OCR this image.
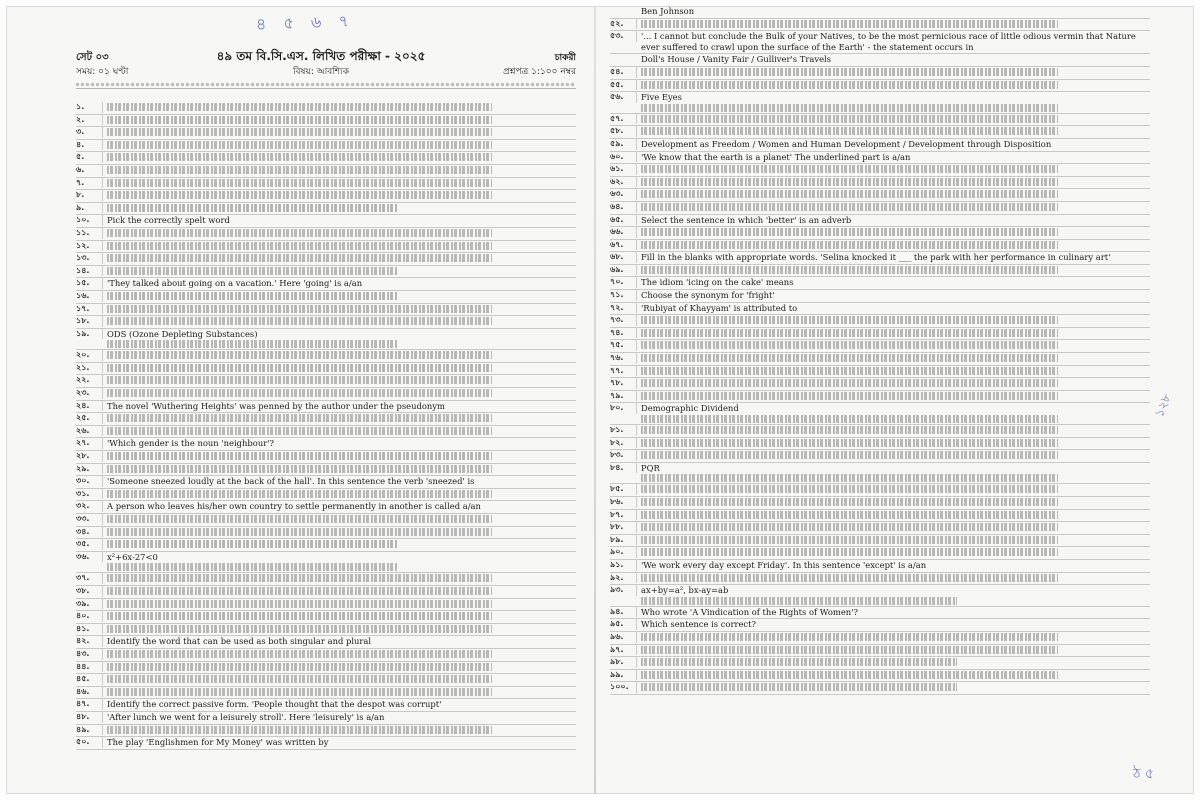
৪ ৫ ৬ ৭
সেট ০৩
সময়: ০১ ঘণ্টা
৪৯ তম বি.সি.এস. লিখিত পরীক্ষা - ২০২৫
বিষয়: আবশ্যিক
চাকরী
প্রশ্নপত্র ১:১০০ নম্বর
১.
২.
৩.
৪.
৫.
৬.
৭.
৮.
৯.
১০.	Pick the correctly spelt word
১১.
১২.
১৩.
১৪.
১৫.	'They talked about going on a vacation.' Here 'going' is a/an
১৬.
১৭.
১৮.
১৯.	ODS (Ozone Depleting Substances)
২০.
২১.
২২.
২৩.
২৪.	The novel 'Wuthering Heights' was penned by the author under the pseudonym
২৫.
২৬.
২৭.	'Which gender is the noun 'neighbour'?
২৮.
২৯.
৩০.	'Someone sneezed loudly at the back of the hall'. In this sentence the verb 'sneezed' is
৩১.
৩২.	A person who leaves his/her own country to settle permanently in another is called a/an
৩৩.
৩৪.
৩৫.
৩৬.	x²+6x-27<0
৩৭.
৩৮.
৩৯.
৪০.
৪১.
৪২.	Identify the word that can be used as both singular and plural
৪৩.
৪৪.
৪৫.
৪৬.
৪৭.	Identify the correct passive form. 'People thought that the despot was corrupt'
৪৮.	'After lunch we went for a leisurely stroll'. Here 'leisurely' is a/an
৪৯.
৫০.	The play 'Englishmen for My Money' was written by
Ben Johnson
৫২.
৫৩.	'... I cannot but conclude the Bulk of your Natives, to be the most pernicious race of little odious vermin that Nature ever suffered to crawl upon the surface of the Earth' - the statement occurs in
Doll's House / Vanity Fair / Gulliver's Travels
৫৪.
৫৫.
৫৬.	Five Eyes
৫৭.
৫৮.
৫৯.	Development as Freedom / Women and Human Development / Development through Disposition
৬০.	'We know that the earth is a planet' The underlined part is a/an
৬১.
৬২.
৬৩.
৬৪.
৬৫.	Select the sentence in which 'better' is an adverb
৬৬.
৬৭.
৬৮.	Fill in the blanks with appropriate words. 'Selina knocked it ___ the park with her performance in culinary art'
৬৯.
৭০.	The idiom 'icing on the cake' means
৭১.	Choose the synonym for 'fright'
৭২.	'Rubiyat of Khayyam' is attributed to
৭৩.
৭৪.
৭৫.
৭৬.
৭৭.
৭৮.
৭৯.
৮০.	Demographic Dividend
৮১.
৮২.
৮৩.
৮৪.	PQR
৮৫.
৮৬.
৮৭.
৮৮.
৮৯.
৯০.
৯১.	'We work every day except Friday'. In this sentence 'except' is a/an
৯২.
৯৩.	ax+by=a², bx-ay=ab
৯৪.	Who wrote 'A Vindication of the Rights of Women'?
৯৫.	Which sentence is correct?
৯৬.
৯৭.
৯৮.
৯৯.
১০০.
১২৮
ঠ ৫
